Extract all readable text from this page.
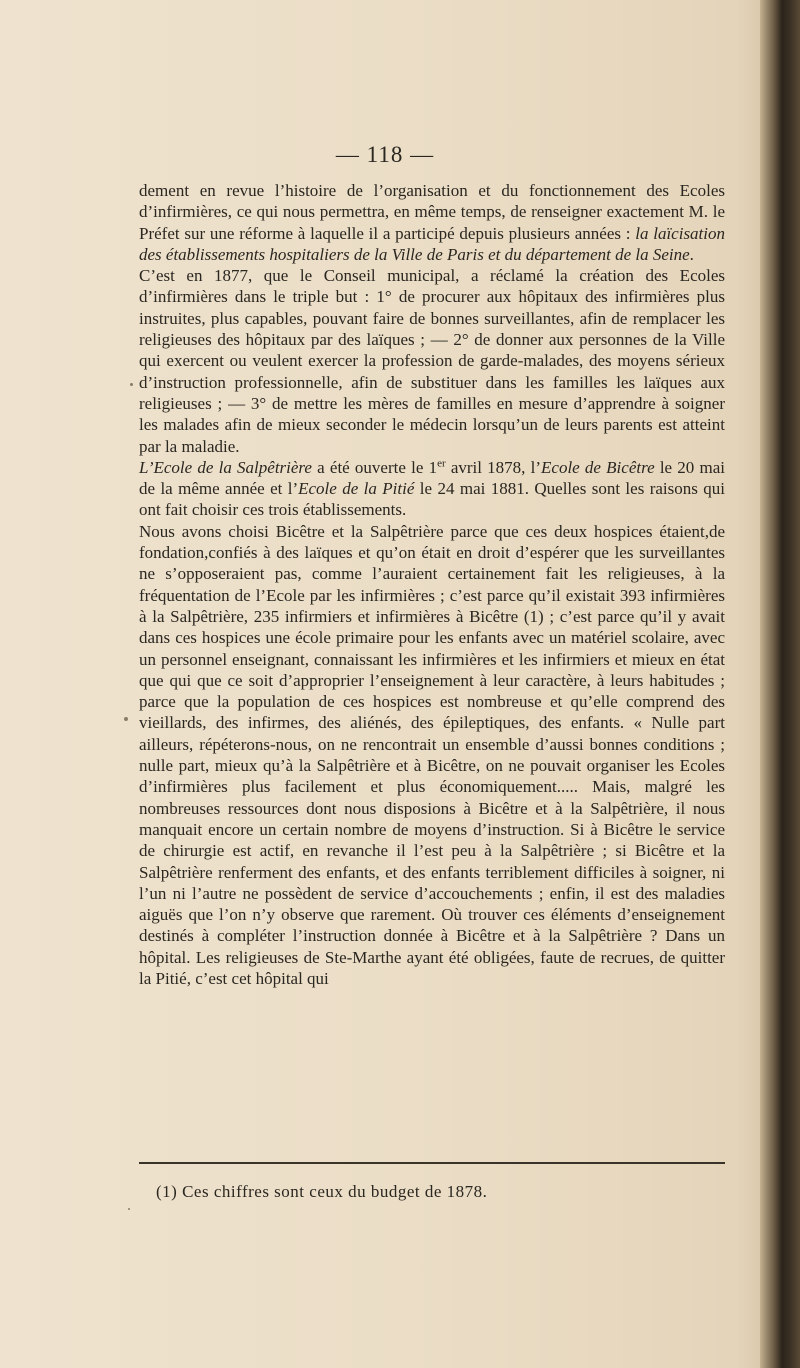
— 118 —

dement en revue l’histoire de l’organisation et du fonctionnement des Ecoles d’infirmières, ce qui nous permettra, en même temps, de renseigner exactement M. le Préfet sur une réforme à laquelle il a participé depuis plusieurs années : la laïcisation des établissements hospitaliers de la Ville de Paris et du département de la Seine.

C’est en 1877, que le Conseil municipal, a réclamé la création des Ecoles d’infirmières dans le triple but : 1° de procurer aux hôpitaux des infirmières plus instruites, plus capables, pouvant faire de bonnes surveillantes, afin de remplacer les religieuses des hôpitaux par des laïques ; — 2° de donner aux personnes de la Ville qui exercent ou veulent exercer la profession de garde-malades, des moyens sérieux d’instruction professionnelle, afin de substituer dans les familles les laïques aux religieuses ; — 3° de mettre les mères de familles en mesure d’apprendre à soigner les malades afin de mieux seconder le médecin lorsqu’un de leurs parents est atteint par la maladie.

L’Ecole de la Salpêtrière a été ouverte le 1er avril 1878, l’Ecole de Bicêtre le 20 mai de la même année et l’Ecole de la Pitié le 24 mai 1881. Quelles sont les raisons qui ont fait choisir ces trois établissements.

Nous avons choisi Bicêtre et la Salpêtrière parce que ces deux hospices étaient,de fondation,confiés à des laïques et qu’on était en droit d’espérer que les surveillantes ne s’opposeraient pas, comme l’auraient certainement fait les religieuses, à la fréquentation de l’Ecole par les infirmières ; c’est parce qu’il existait 393 infirmières à la Salpêtrière, 235 infirmiers et infirmières à Bicêtre (1) ; c’est parce qu’il y avait dans ces hospices une école primaire pour les enfants avec un matériel scolaire, avec un personnel enseignant, connaissant les infirmières et les infirmiers et mieux en état que qui que ce soit d’approprier l’enseignement à leur caractère, à leurs habitudes ; parce que la population de ces hospices est nombreuse et qu’elle comprend des vieillards, des infirmes, des aliénés, des épileptiques, des enfants. « Nulle part ailleurs, répéterons-nous, on ne rencontrait un ensemble d’aussi bonnes conditions ; nulle part, mieux qu’à la Salpêtrière et à Bicêtre, on ne pouvait organiser les Ecoles d’infirmières plus facilement et plus économiquement..... Mais, malgré les nombreuses ressources dont nous disposions à Bicêtre et à la Salpêtrière, il nous manquait encore un certain nombre de moyens d’instruction. Si à Bicêtre le service de chirurgie est actif, en revanche il l’est peu à la Salpêtrière ; si Bicêtre et la Salpêtrière renferment des enfants, et des enfants terriblement difficiles à soigner, ni l’un ni l’autre ne possèdent de service d’accouchements ; enfin, il est des maladies aiguës que l’on n’y observe que rarement. Où trouver ces éléments d’enseignement destinés à compléter l’instruction donnée à Bicêtre et à la Salpêtrière ? Dans un hôpital. Les religieuses de Ste-Marthe ayant été obligées, faute de recrues, de quitter la Pitié, c’est cet hôpital qui

(1) Ces chiffres sont ceux du budget de 1878.
